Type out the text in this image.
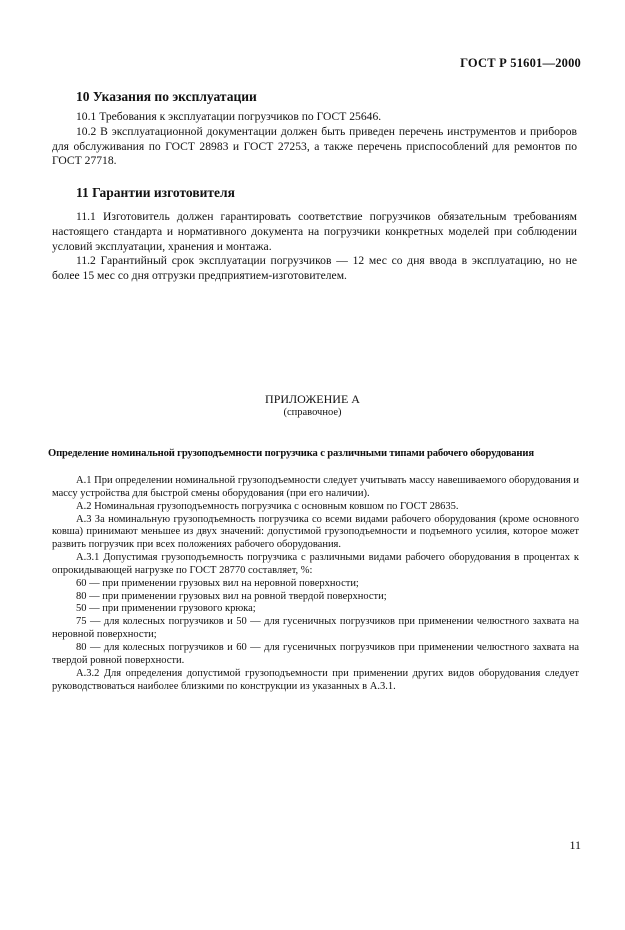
ГОСТ Р 51601—2000
10 Указания по эксплуатации

10.1 Требования к эксплуатации погрузчиков по ГОСТ 25646.

10.2 В эксплуатационной документации должен быть приведен перечень инструментов и приборов для обслуживания по ГОСТ 28983 и ГОСТ 27253, а также перечень приспособлений для ремонтов по ГОСТ 27718.

11 Гарантии изготовителя

11.1 Изготовитель должен гарантировать соответствие погрузчиков обязательным требованиям настоящего стандарта и нормативного документа на погрузчики конкретных моделей при соблюдении условий эксплуатации, хранения и монтажа.

11.2 Гарантийный срок эксплуатации погрузчиков — 12 мес со дня ввода в эксплуатацию, но не более 15 мес со дня отгрузки предприятием-изготовителем.

ПРИЛОЖЕНИЕ А
(справочное)
Определение номинальной грузоподъемности погрузчика с различными типами рабочего оборудования

А.1 При определении номинальной грузоподъемности следует учитывать массу навешиваемого оборудования и массу устройства для быстрой смены оборудования (при его наличии).

А.2 Номинальная грузоподъемность погрузчика с основным ковшом по ГОСТ 28635.

А.3 За номинальную грузоподъемность погрузчика со всеми видами рабочего оборудования (кроме основного ковша) принимают меньшее из двух значений: допустимой грузоподъемности и подъемного усилия, которое может развить погрузчик при всех положениях рабочего оборудования.

А.3.1 Допустимая грузоподъемность погрузчика с различными видами рабочего оборудования в процентах к опрокидывающей нагрузке по ГОСТ 28770 составляет, %:

60 — при применении грузовых вил на неровной поверхности;

80 — при применении грузовых вил на ровной твердой поверхности;

50 — при применении грузового крюка;

75 — для колесных погрузчиков и 50 — для гусеничных погрузчиков при применении челюстного захвата на неровной поверхности;

80 — для колесных погрузчиков и 60 — для гусеничных погрузчиков при применении челюстного захвата на твердой ровной поверхности.

А.3.2 Для определения допустимой грузоподъемности при применении других видов оборудования следует руководствоваться наиболее близкими по конструкции из указанных в А.3.1.

11
